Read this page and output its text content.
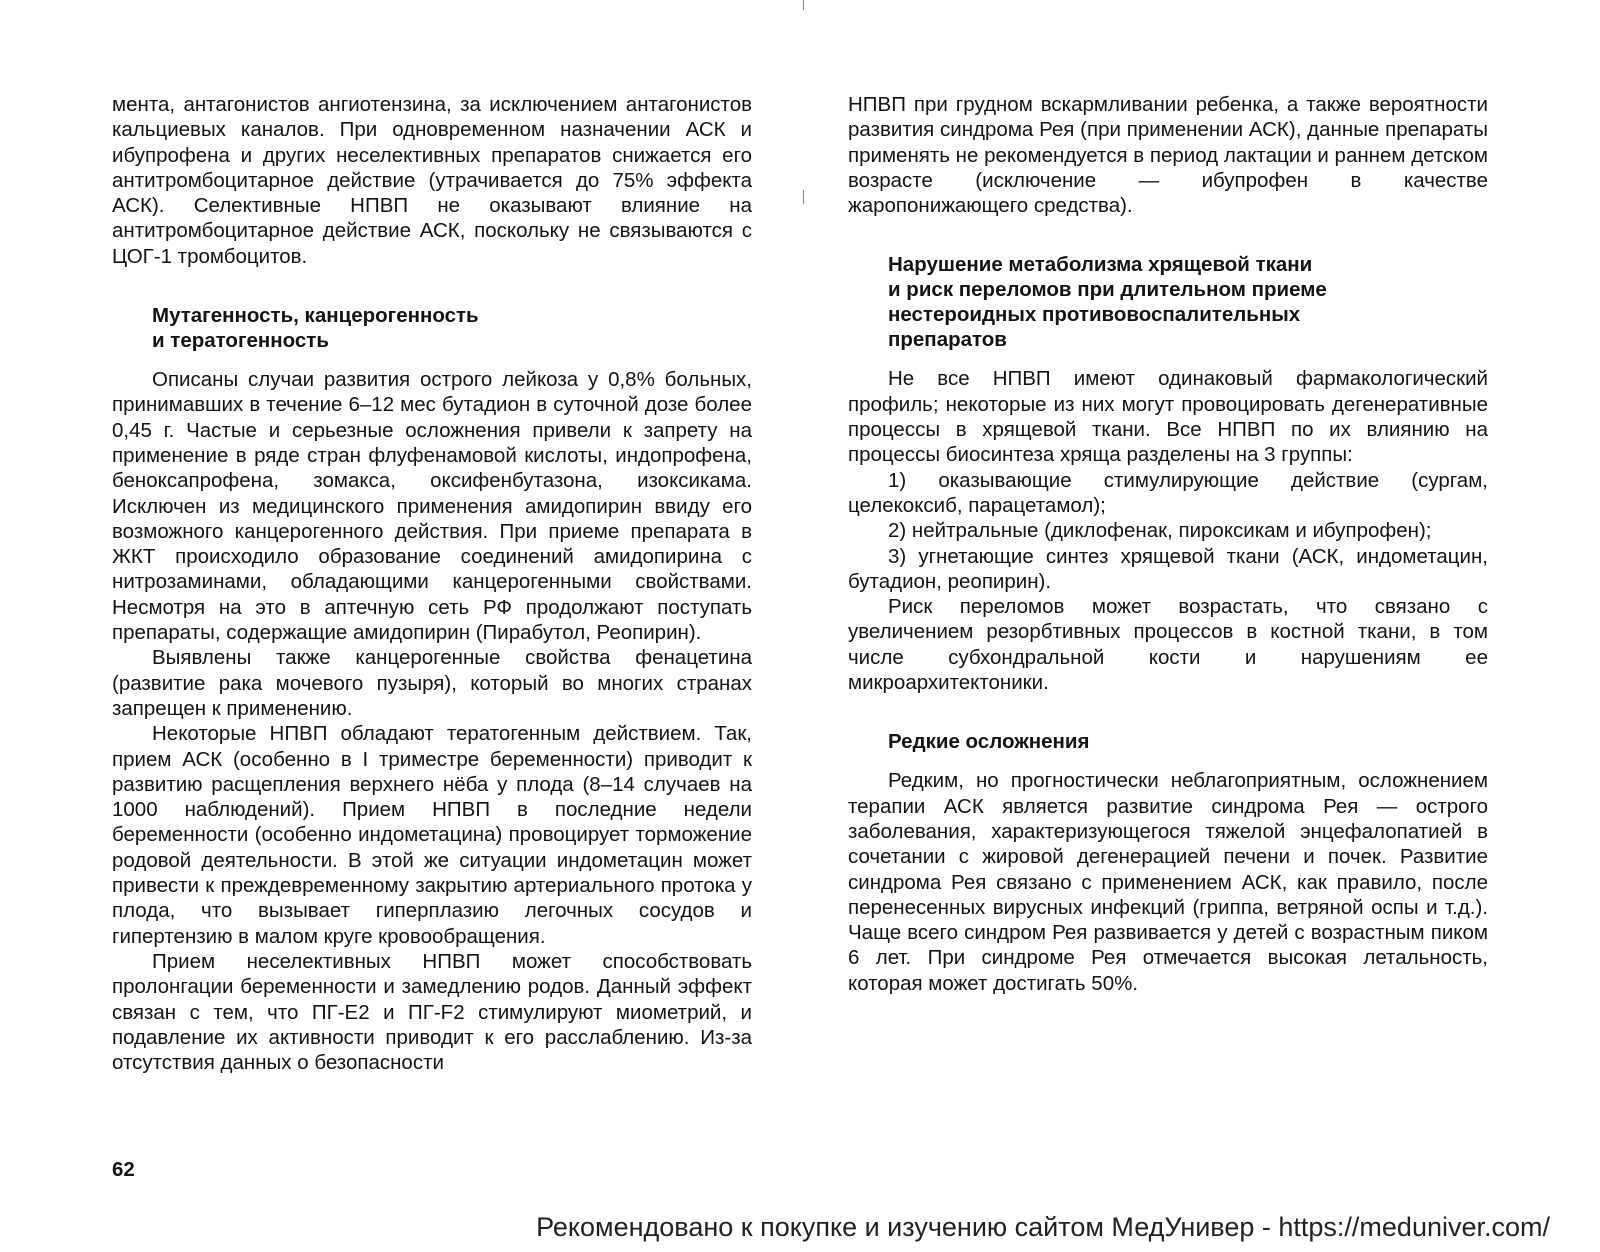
мента, антагонистов ангиотензина, за исключением антагонистов кальциевых каналов. При одновременном назначении АСК и ибупрофена и других неселективных препаратов снижается его антитромбоцитарное действие (утрачивается до 75% эффекта АСК). Селективные НПВП не оказывают влияние на антитромбоцитарное действие АСК, поскольку не связываются с ЦОГ-1 тромбоцитов.

Мутагенность, канцерогенность
и тератогенность

Описаны случаи развития острого лейкоза у 0,8% больных, принимавших в течение 6–12 мес бутадион в суточной дозе более 0,45 г. Частые и серьезные осложнения привели к запрету на применение в ряде стран флуфенамовой кислоты, индопрофена, беноксапрофена, зомакса, оксифенбутазона, изоксикама. Исключен из медицинского применения амидопирин ввиду его возможного канцерогенного действия. При приеме препарата в ЖКТ происходило образование соединений амидопирина с нитрозаминами, обладающими канцерогенными свойствами. Несмотря на это в аптечную сеть РФ продолжают поступать препараты, содержащие амидопирин (Пирабутол, Реопирин).

Выявлены также канцерогенные свойства фенацетина (развитие рака мочевого пузыря), который во многих странах запрещен к применению.

Некоторые НПВП обладают тератогенным действием. Так, прием АСК (особенно в I триместре беременности) приводит к развитию расщепления верхнего нёба у плода (8–14 случаев на 1000 наблюдений). Прием НПВП в последние недели беременности (особенно индометацина) провоцирует торможение родовой деятельности. В этой же ситуации индометацин может привести к преждевременному закрытию артериального протока у плода, что вызывает гиперплазию легочных сосудов и гипертензию в малом круге кровообращения.

Прием неселективных НПВП может способствовать пролонгации беременности и замедлению родов. Данный эффект связан с тем, что ПГ-Е2 и ПГ-F2 стимулируют миометрий, и подавление их активности приводит к его расслаблению. Из-за отсутствия данных о безопасности

62

НПВП при грудном вскармливании ребенка, а также вероятности развития синдрома Рея (при применении АСК), данные препараты применять не рекомендуется в период лактации и раннем детском возрасте (исключение — ибупрофен в качестве жаропонижающего средства).

Нарушение метаболизма хрящевой ткани
и риск переломов при длительном приеме
нестероидных противовоспалительных
препаратов

Не все НПВП имеют одинаковый фармакологический профиль; некоторые из них могут провоцировать дегенеративные процессы в хрящевой ткани. Все НПВП по их влиянию на процессы биосинтеза хряща разделены на 3 группы:

1) оказывающие стимулирующие действие (сургам, целекоксиб, парацетамол);
2) нейтральные (диклофенак, пироксикам и ибупрофен);
3) угнетающие синтез хрящевой ткани (АСК, индометацин, бутадион, реопирин).

Риск переломов может возрастать, что связано с увеличением резорбтивных процессов в костной ткани, в том числе субхондральной кости и нарушениям ее микроархитектоники.

Редкие осложнения

Редким, но прогностически неблагоприятным, осложнением терапии АСК является развитие синдрома Рея — острого заболевания, характеризующегося тяжелой энцефалопатией в сочетании с жировой дегенерацией печени и почек. Развитие синдрома Рея связано с применением АСК, как правило, после перенесенных вирусных инфекций (гриппа, ветряной оспы и т.д.). Чаще всего синдром Рея развивается у детей с возрастным пиком 6 лет. При синдроме Рея отмечается высокая летальность, которая может достигать 50%.

Рекомендовано к покупке и изучению сайтом МедУнивер - https://meduniver.com/
